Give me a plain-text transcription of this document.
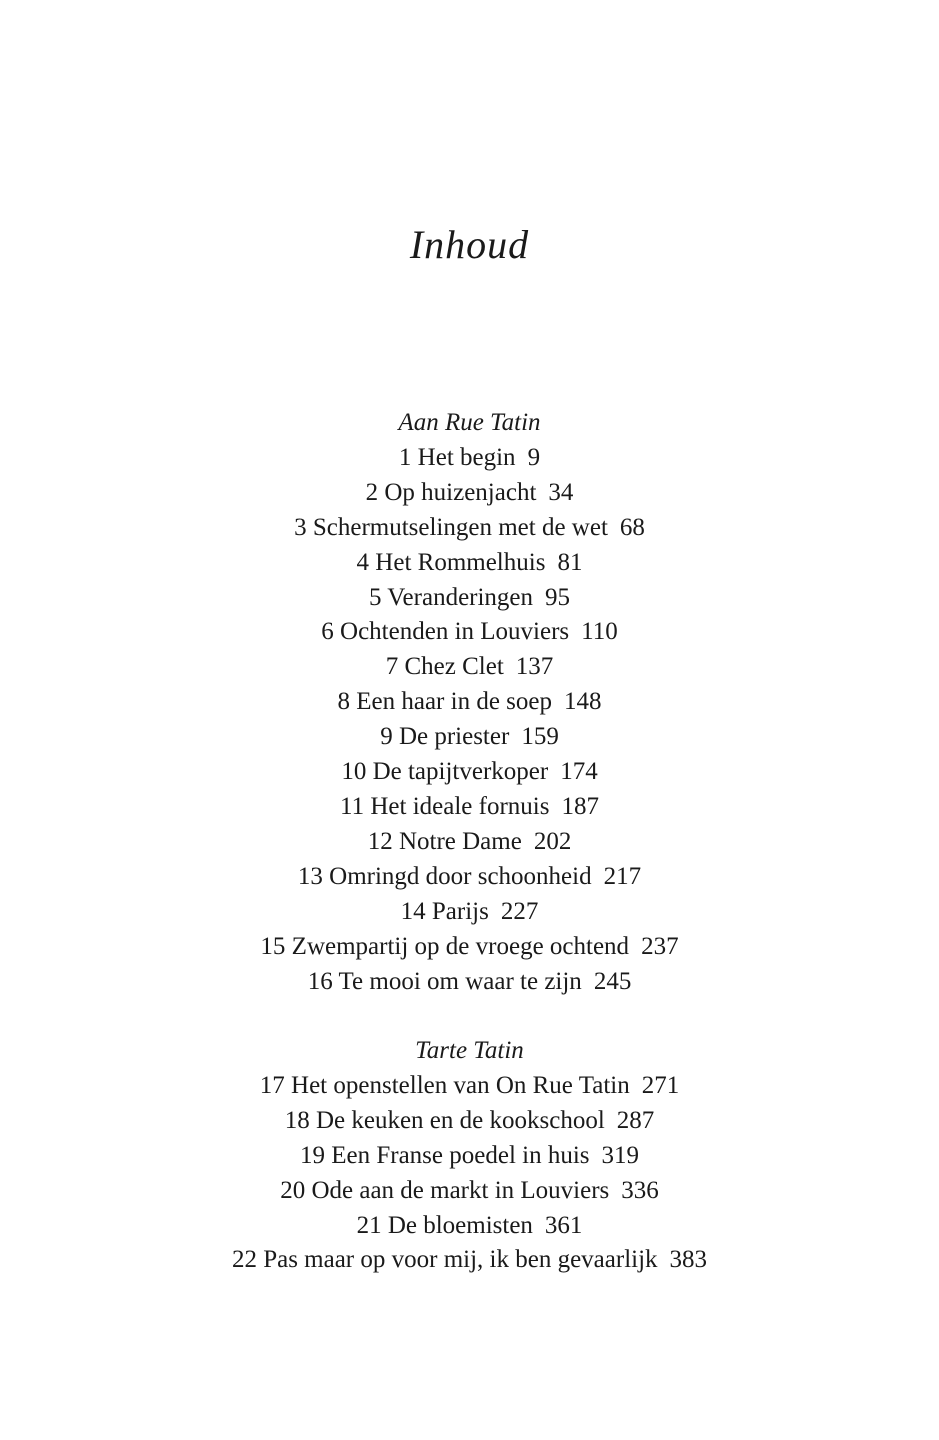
Inhoud
Aan Rue Tatin
1 Het begin 9
2 Op huizenjacht 34
3 Schermutselingen met de wet 68
4 Het Rommelhuis 81
5 Veranderingen 95
6 Ochtenden in Louviers 110
7 Chez Clet 137
8 Een haar in de soep 148
9 De priester 159
10 De tapijtverkoper 174
11 Het ideale fornuis 187
12 Notre Dame 202
13 Omringd door schoonheid 217
14 Parijs 227
15 Zwempartij op de vroege ochtend 237
16 Te mooi om waar te zijn 245
Tarte Tatin
17 Het openstellen van On Rue Tatin 271
18 De keuken en de kookschool 287
19 Een Franse poedel in huis 319
20 Ode aan de markt in Louviers 336
21 De bloemisten 361
22 Pas maar op voor mij, ik ben gevaarlijk 383
